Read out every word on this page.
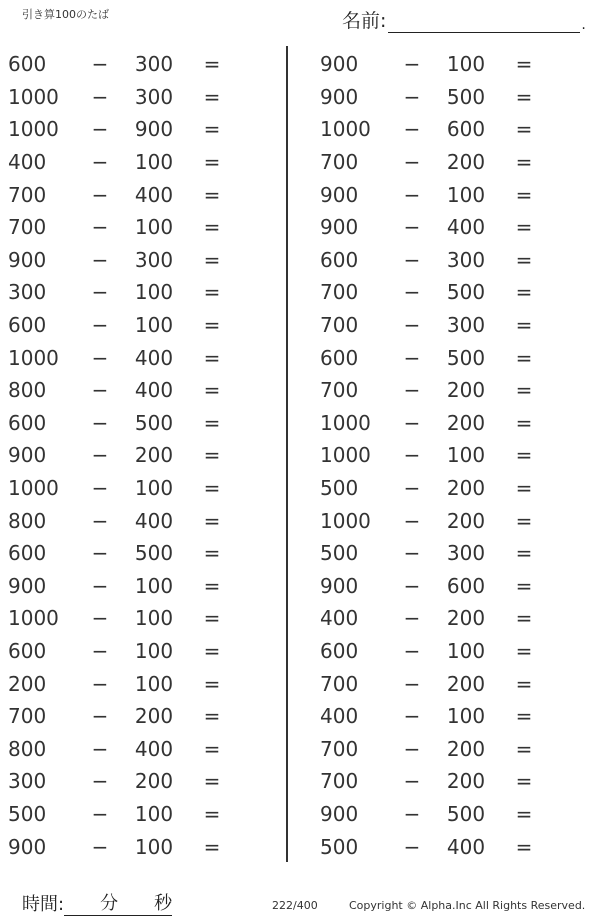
引き算100のたば	名前:	.
600	−	300	=
1000	−	300	=
1000	−	900	=
400	−	100	=
700	−	400	=
700	−	100	=
900	−	300	=
300	−	100	=
600	−	100	=
1000	−	400	=
800	−	400	=
600	−	500	=
900	−	200	=
1000	−	100	=
800	−	400	=
600	−	500	=
900	−	100	=
1000	−	100	=
600	−	100	=
200	−	100	=
700	−	200	=
800	−	400	=
300	−	200	=
500	−	100	=
900	−	100	=
900	−	100	=
900	−	500	=
1000	−	600	=
700	−	200	=
900	−	100	=
900	−	400	=
600	−	300	=
700	−	500	=
700	−	300	=
600	−	500	=
700	−	200	=
1000	−	200	=
1000	−	100	=
500	−	200	=
1000	−	200	=
500	−	300	=
900	−	600	=
400	−	200	=
600	−	100	=
700	−	200	=
400	−	100	=
700	−	200	=
700	−	200	=
900	−	500	=
500	−	400	=
時間: 分 秒	222/400	Copyright © Alpha.Inc All Rights Reserved.
